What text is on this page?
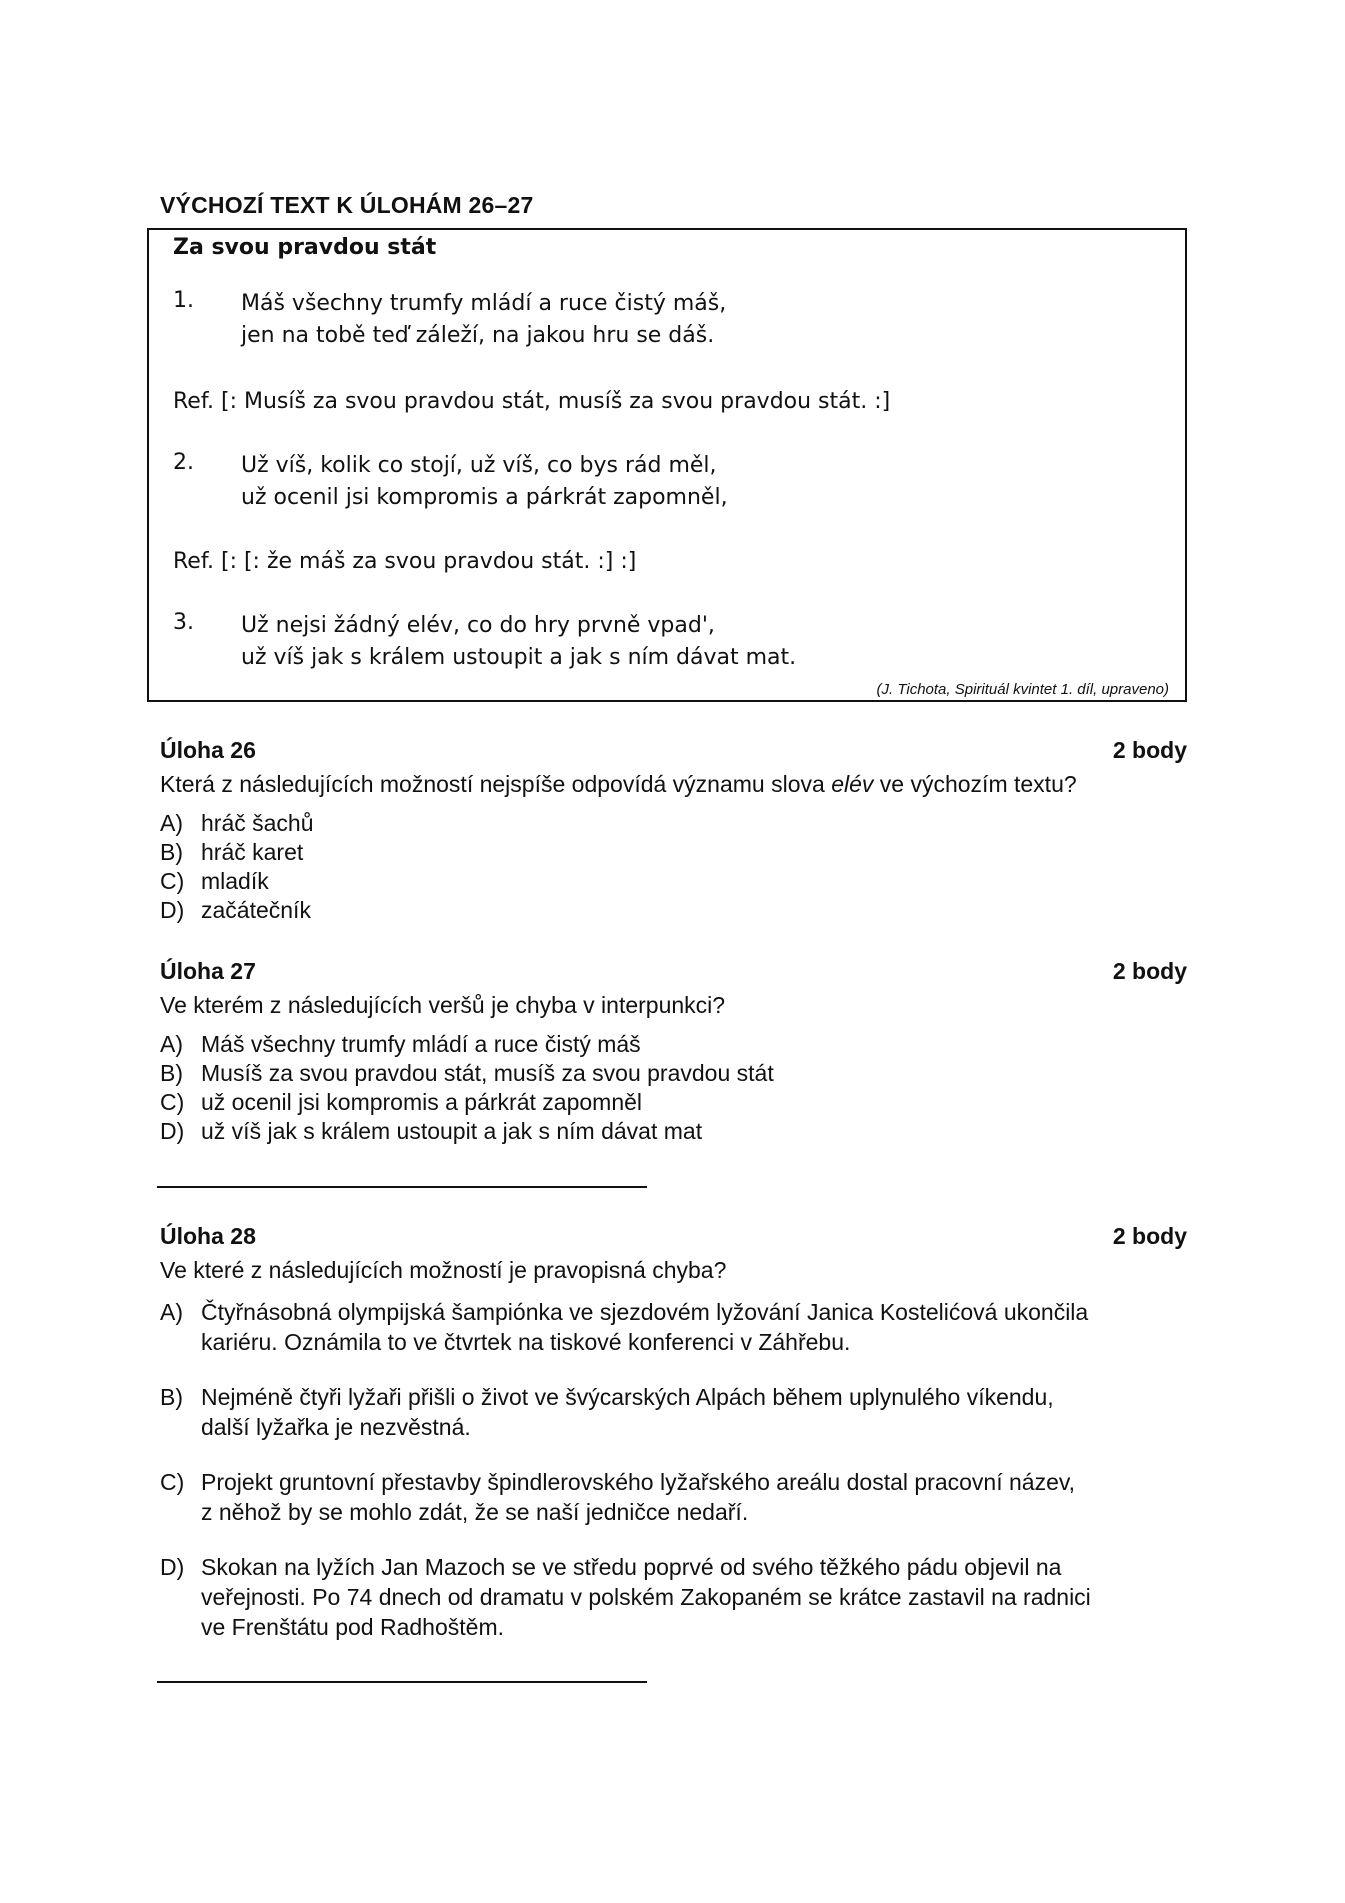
VÝCHOZÍ TEXT K ÚLOHÁM 26–27
Za svou pravdou stát
1. Máš všechny trumfy mládí a ruce čistý máš,
jen na tobě teď záleží, na jakou hru se dáš.
Ref. [: Musíš za svou pravdou stát, musíš za svou pravdou stát. :]
2. Už víš, kolik co stojí, už víš, co bys rád měl,
už ocenil jsi kompromis a párkrát zapomněl,
Ref. [: [: že máš za svou pravdou stát. :] :]
3. Už nejsi žádný elév, co do hry prvně vpad',
už víš jak s králem ustoupit a jak s ním dávat mat.
(J. Tichota, Spirituál kvintet 1. díl, upraveno)
Úloha 26	2 body
Která z následujících možností nejspíše odpovídá významu slova elév ve výchozím textu?
A) hráč šachů
B) hráč karet
C) mladík
D) začátečník
Úloha 27	2 body
Ve kterém z následujících veršů je chyba v interpunkci?
A) Máš všechny trumfy mládí a ruce čistý máš
B) Musíš za svou pravdou stát, musíš za svou pravdou stát
C) už ocenil jsi kompromis a párkrát zapomněl
D) už víš jak s králem ustoupit a jak s ním dávat mat
Úloha 28	2 body
Ve které z následujících možností je pravopisná chyba?
A) Čtyřnásobná olympijská šampiónka ve sjezdovém lyžování Janica Kostelićová ukončila
kariéru. Oznámila to ve čtvrtek na tiskové konferenci v Záhřebu.
B) Nejméně čtyři lyžaři přišli o život ve švýcarských Alpách během uplynulého víkendu,
další lyžařka je nezvěstná.
C) Projekt gruntovní přestavby špindlerovského lyžařského areálu dostal pracovní název,
z něhož by se mohlo zdát, že se naší jedničce nedaří.
D) Skokan na lyžích Jan Mazoch se ve středu poprvé od svého těžkého pádu objevil na
veřejnosti. Po 74 dnech od dramatu v polském Zakopaném se krátce zastavil na radnici
ve Frenštátu pod Radhoštěm.
